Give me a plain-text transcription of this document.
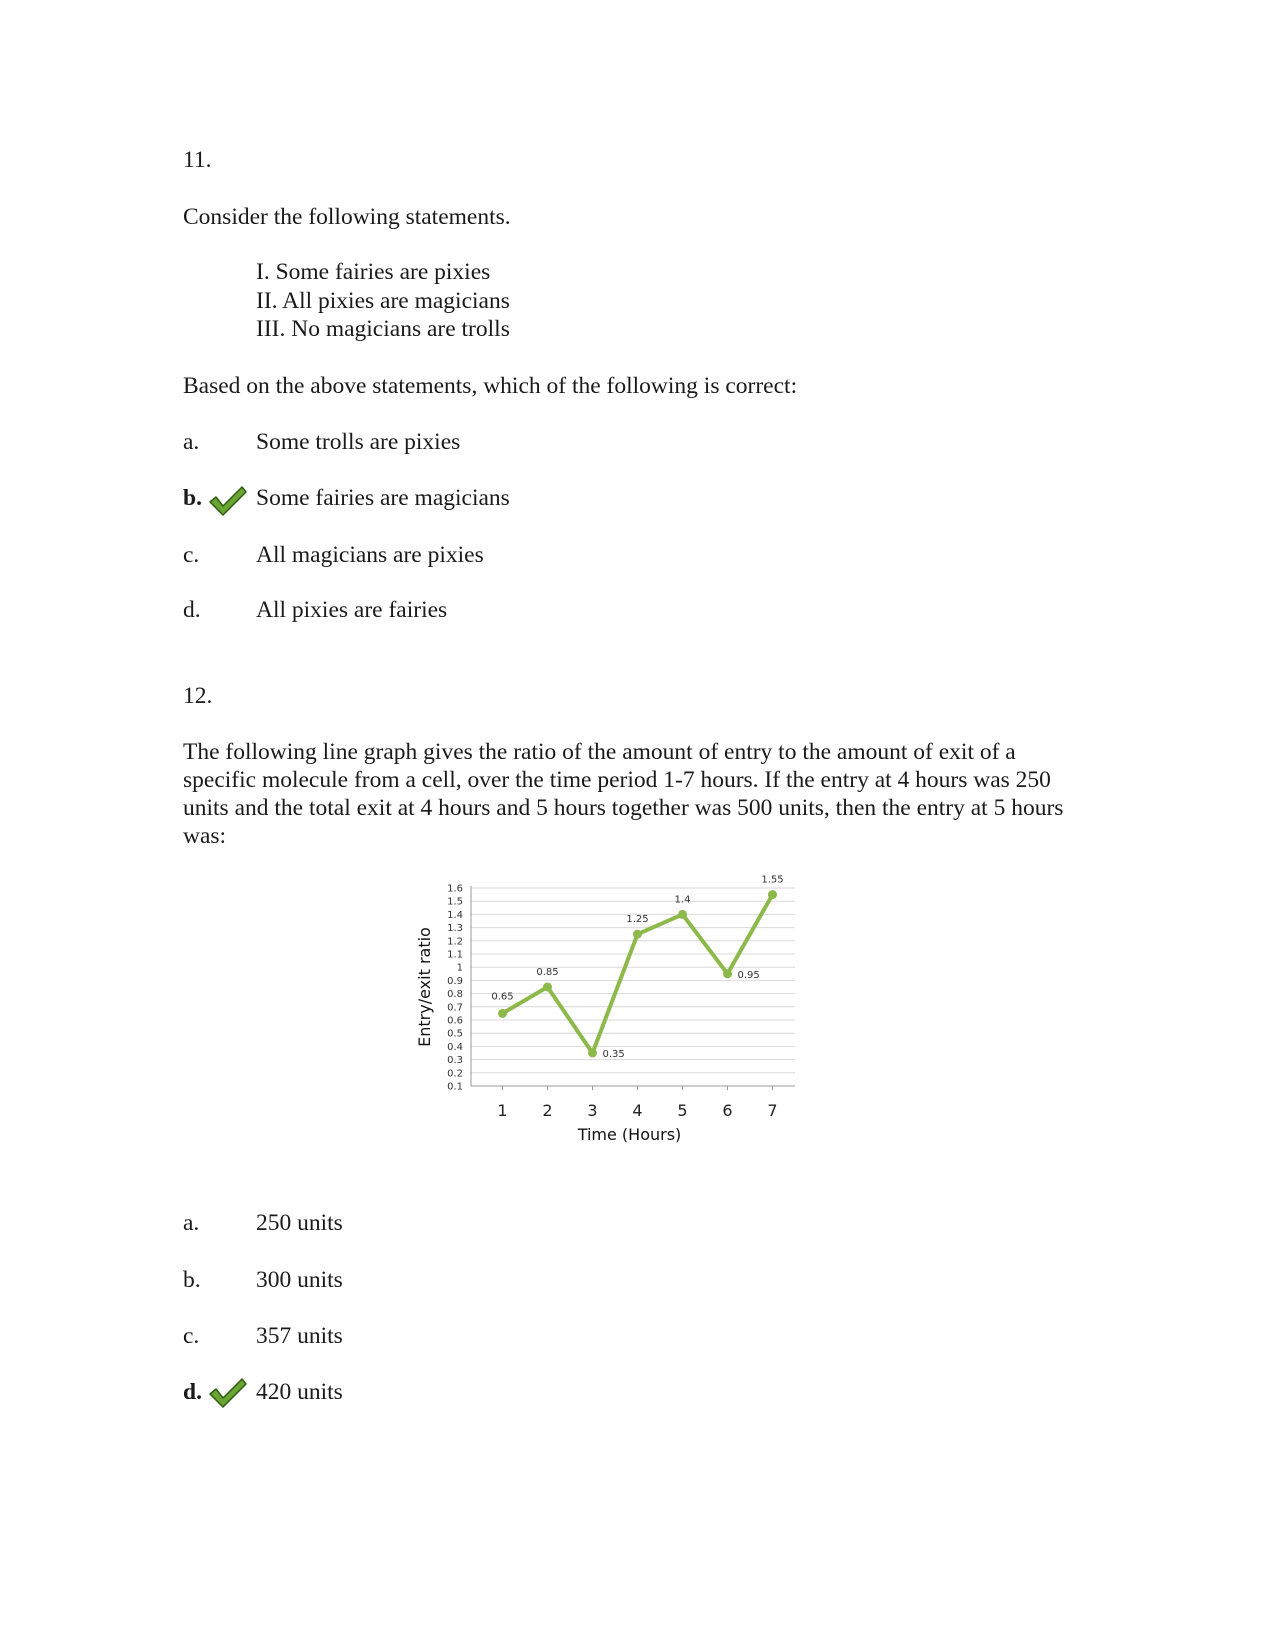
11.
Consider the following statements.
I. Some fairies are pixies
II. All pixies are magicians
III. No magicians are trolls
Based on the above statements, which of the following is correct:
a. Some trolls are pixies
b. Some fairies are magicians
c. All magicians are pixies
d. All pixies are fairies
12.
The following line graph gives the ratio of the amount of entry to the amount of exit of a specific molecule from a cell, over the time period 1-7 hours. If the entry at 4 hours was 250 units and the total exit at 4 hours and 5 hours together was 500 units, then the entry at 5 hours was:
0.1
0.2
0.3
0.4
0.5
0.6
0.7
0.8
0.9
1
1.1
1.2
1.3
1.4
1.5
1.6
1 2 3 4 5 6 7
0.65
0.85
0.35
1.25
1.4
0.95
1.55
Entry/exit ratio
Time (Hours)
a. 250 units
b. 300 units
c. 357 units
d. 420 units
